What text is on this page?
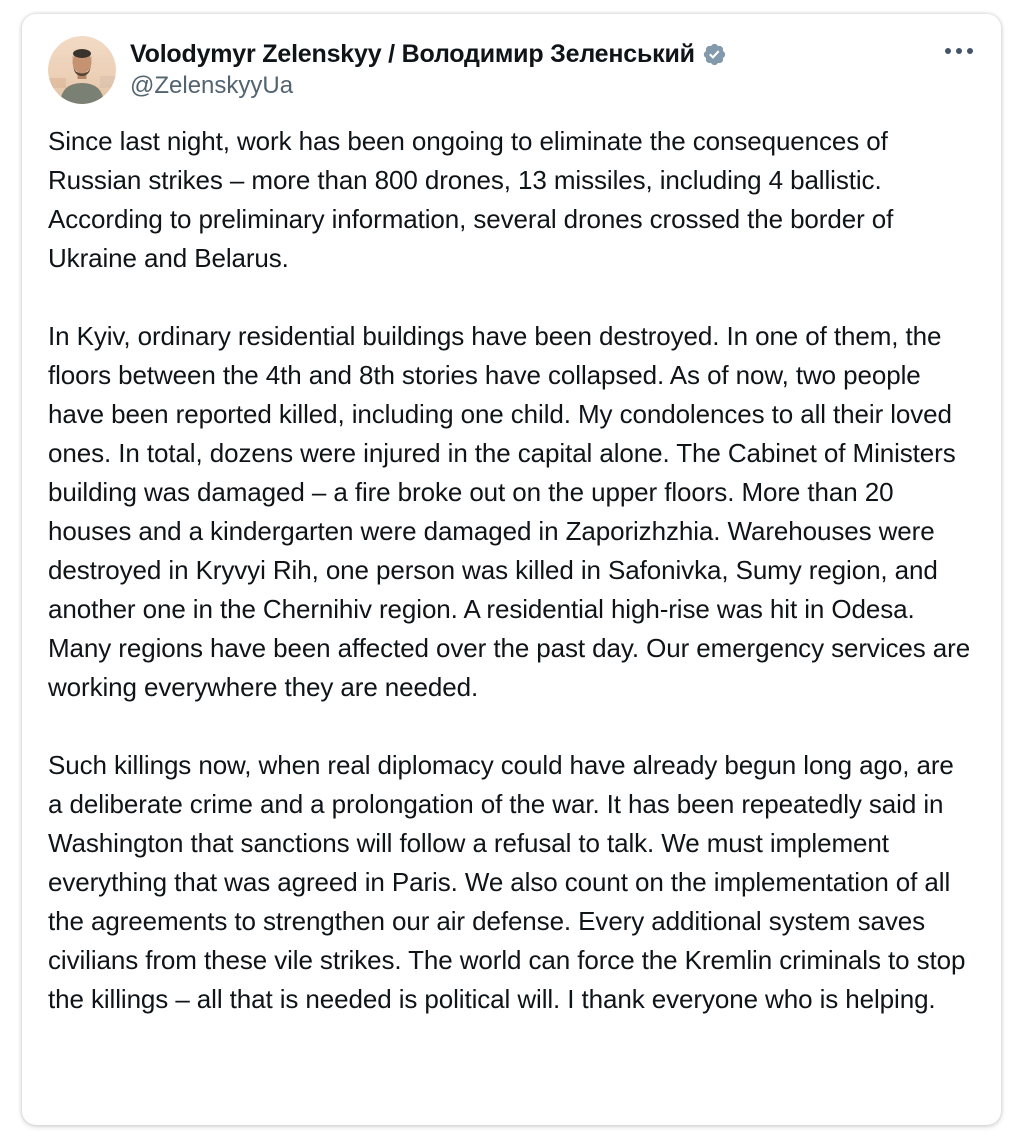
Volodymyr Zelenskyy / Володимир Зеленський
@ZelenskyyUa

Since last night, work has been ongoing to eliminate the consequences of Russian strikes – more than 800 drones, 13 missiles, including 4 ballistic. According to preliminary information, several drones crossed the border of Ukraine and Belarus.

In Kyiv, ordinary residential buildings have been destroyed. In one of them, the floors between the 4th and 8th stories have collapsed. As of now, two people have been reported killed, including one child. My condolences to all their loved ones. In total, dozens were injured in the capital alone. The Cabinet of Ministers building was damaged – a fire broke out on the upper floors. More than 20 houses and a kindergarten were damaged in Zaporizhzhia. Warehouses were destroyed in Kryvyi Rih, one person was killed in Safonivka, Sumy region, and another one in the Chernihiv region. A residential high-rise was hit in Odesa. Many regions have been affected over the past day. Our emergency services are working everywhere they are needed.

Such killings now, when real diplomacy could have already begun long ago, are a deliberate crime and a prolongation of the war. It has been repeatedly said in Washington that sanctions will follow a refusal to talk. We must implement everything that was agreed in Paris. We also count on the implementation of all the agreements to strengthen our air defense. Every additional system saves civilians from these vile strikes. The world can force the Kremlin criminals to stop the killings – all that is needed is political will. I thank everyone who is helping.
